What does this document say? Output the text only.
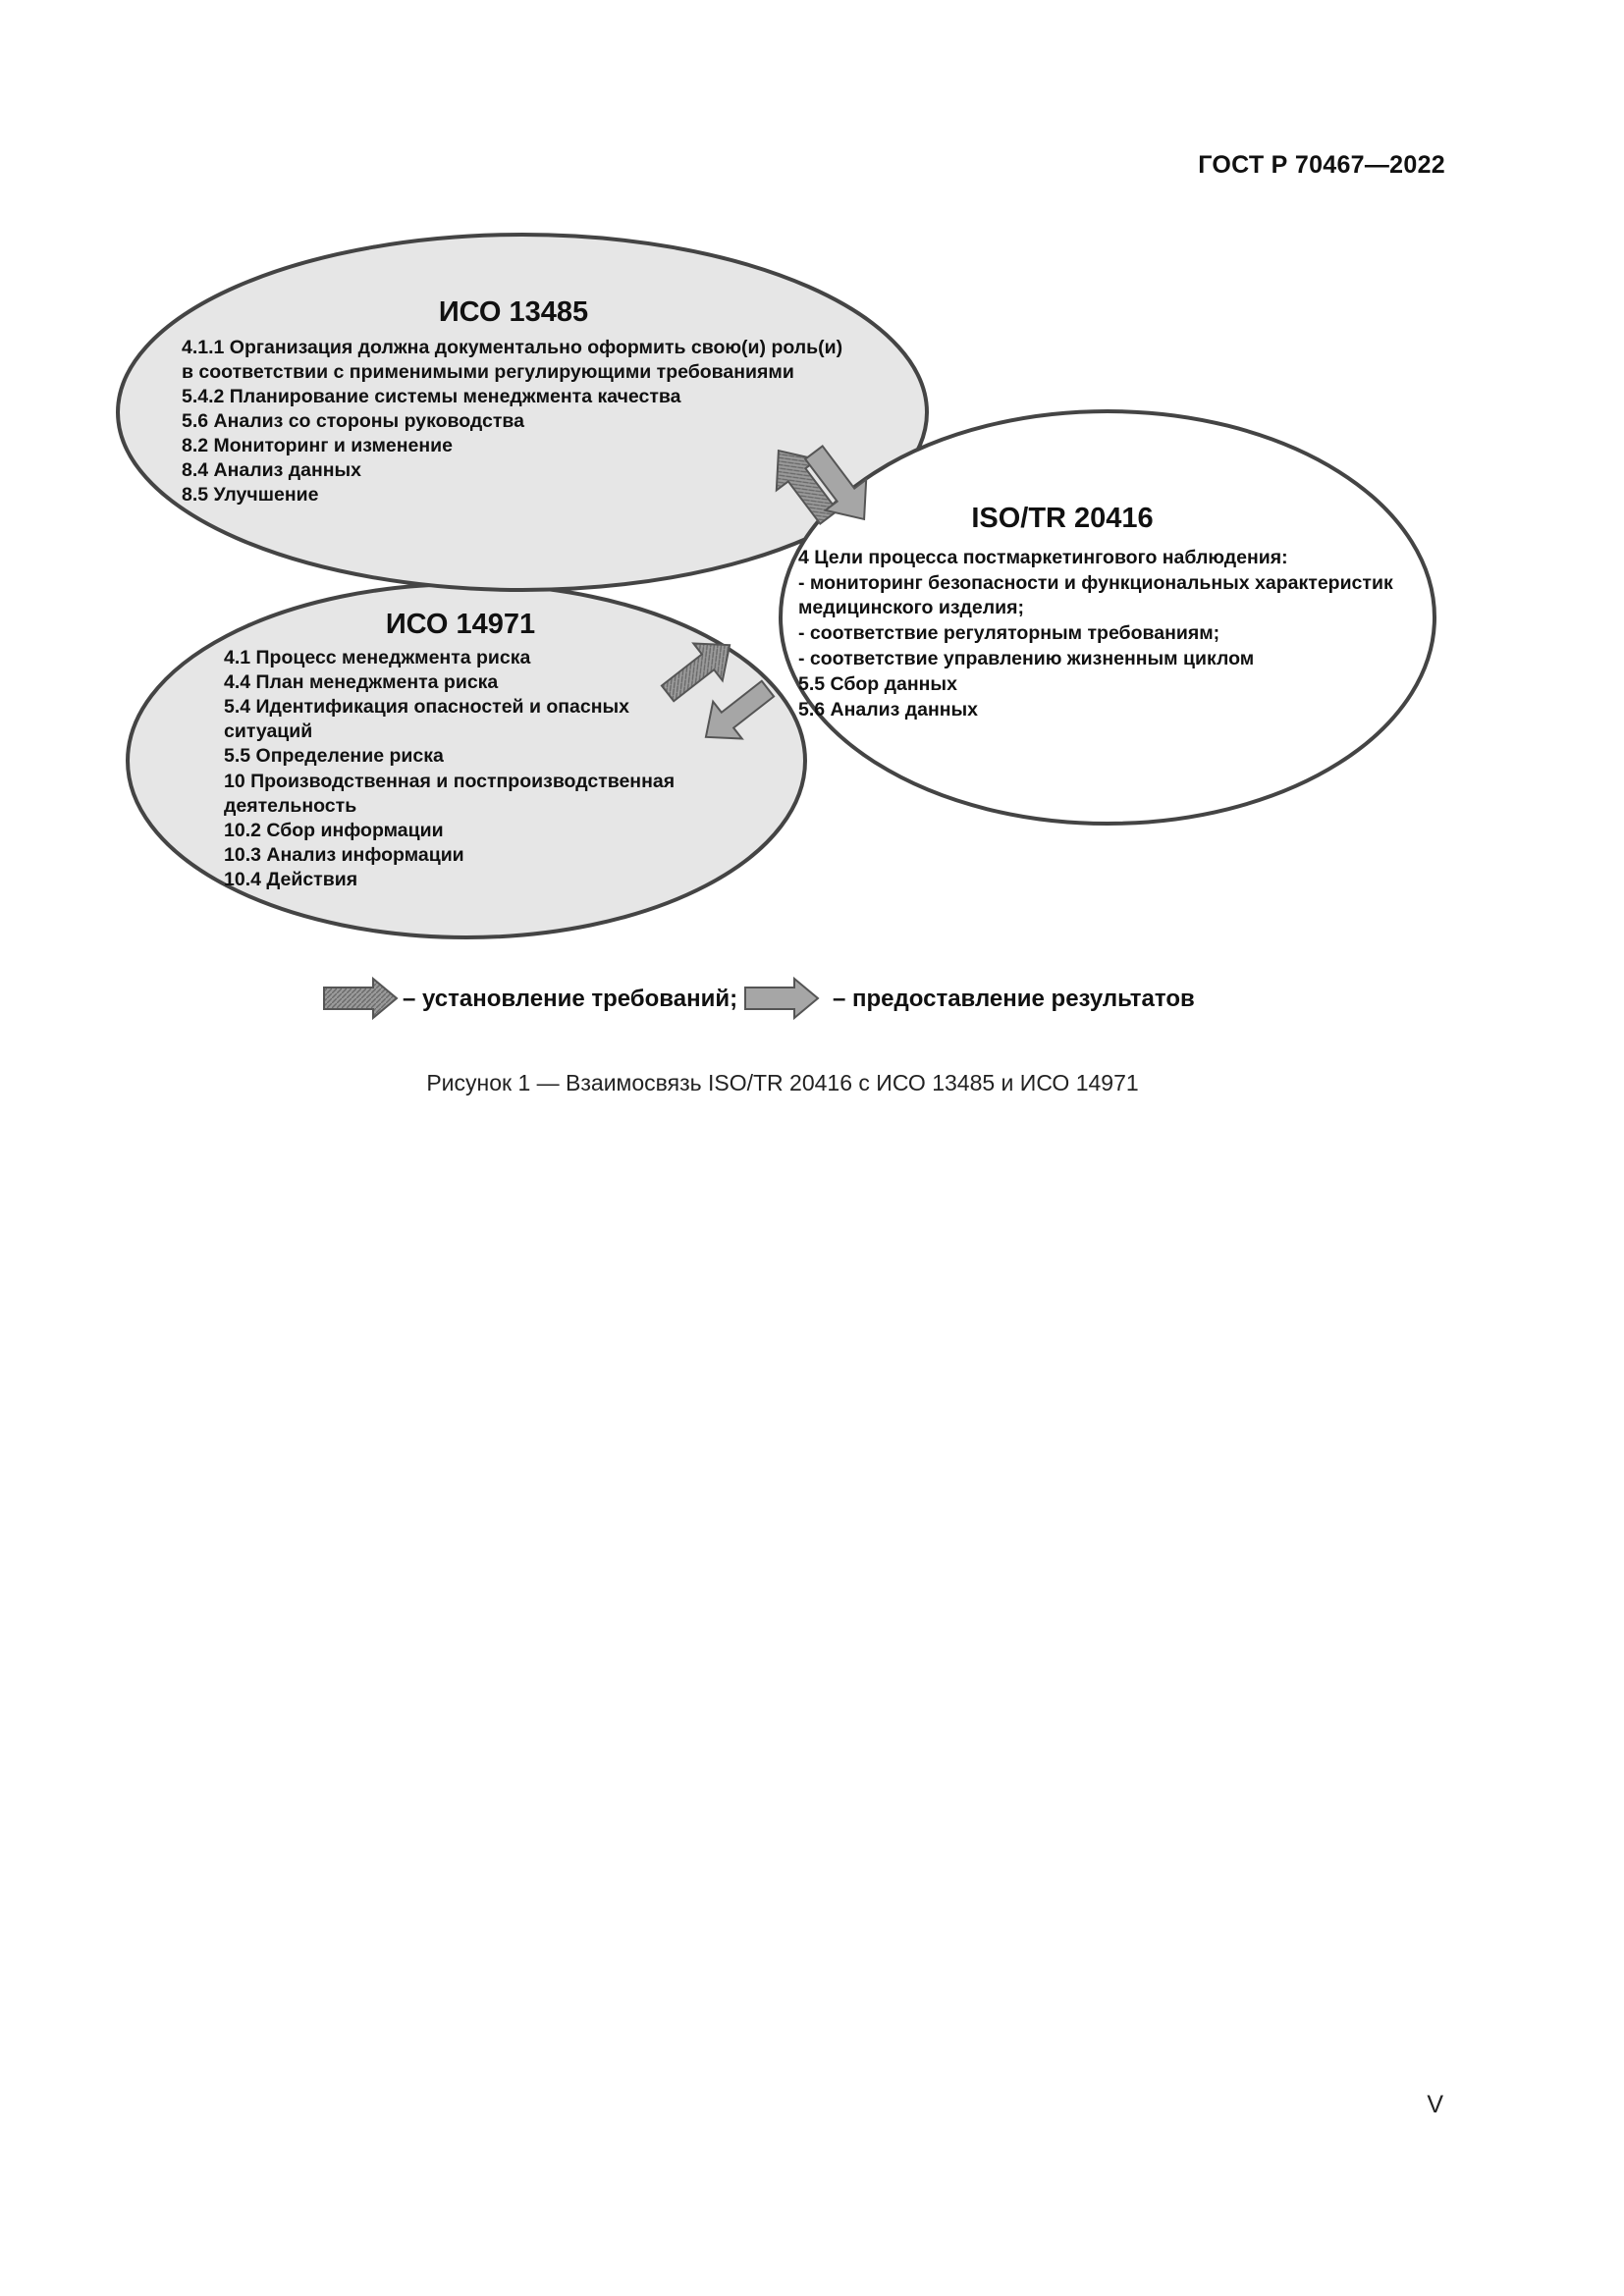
ГОСТ Р 70467—2022
ИСО 13485
4.1.1 Организация должна документально оформить свою(и) роль(и)
в соответствии с применимыми регулирующими требованиями
5.4.2 Планирование системы менеджмента качества
5.6 Анализ со стороны руководства
8.2 Мониторинг и изменение
8.4 Анализ данных
8.5 Улучшение
ISO/TR 20416
4 Цели процесса постмаркетингового наблюдения:
- мониторинг безопасности и функциональных характеристик
медицинского изделия;
- соответствие регуляторным требованиям;
- соответствие управлению жизненным циклом
5.5 Сбор данных
5.6 Анализ данных
ИСО 14971
4.1 Процесс менеджмента риска
4.4 План менеджмента риска
5.4 Идентификация опасностей и опасных
ситуаций
5.5 Определение риска
10 Производственная и постпроизводственная
деятельность
10.2 Сбор информации
10.3 Анализ информации
10.4 Действия
– установление требований;	– предоставление результатов
Рисунок 1 — Взаимосвязь ISO/TR 20416 с ИСО 13485 и ИСО 14971
V
